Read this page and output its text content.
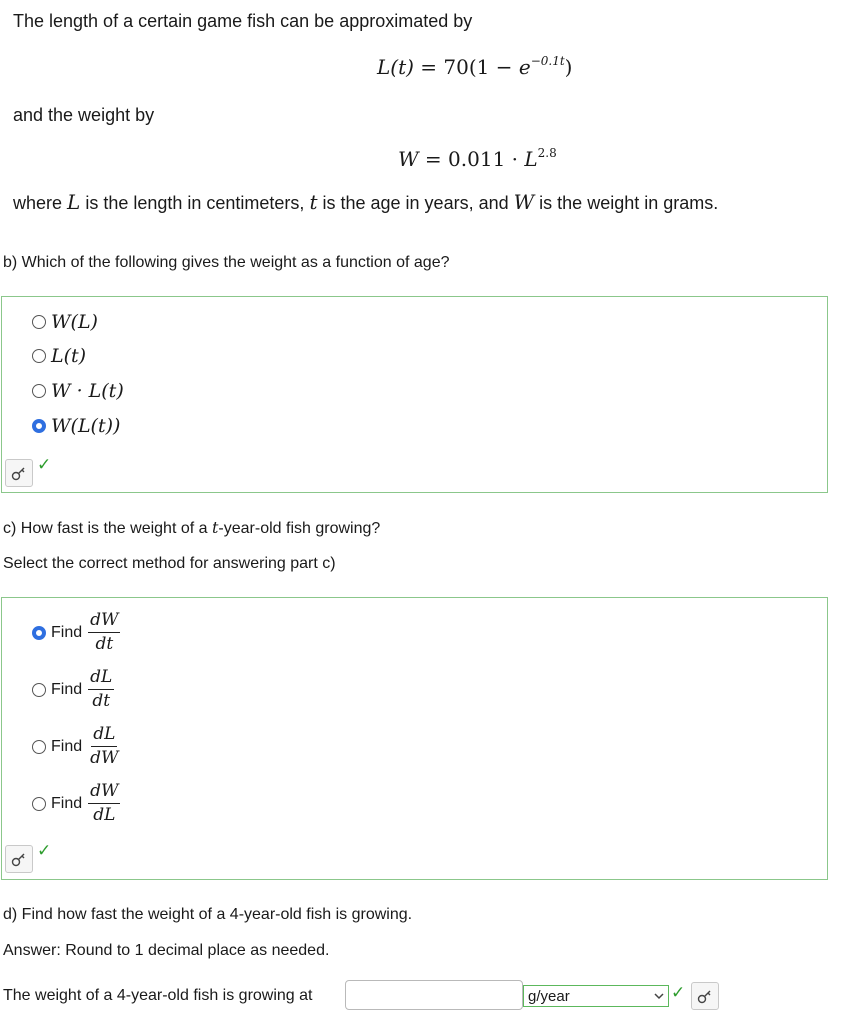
The length of a certain game fish can be approximated by
$L(t) = 70(1 - e^{-0.1t})$
and the weight by
$W = 0.011 \cdot L^{2.8}$
where L is the length in centimeters, t is the age in years, and W is the weight in grams.
b) Which of the following gives the weight as a function of age?
W(L)
L(t)
W · L(t)
W(L(t))
✓
c) How fast is the weight of a t-year-old fish growing?
Select the correct method for answering part c)
Find $\frac{dW}{dt}$
Find $\frac{dL}{dt}$
Find $\frac{dL}{dW}$
Find $\frac{dW}{dL}$
✓
d) Find how fast the weight of a 4-year-old fish is growing.
Answer: Round to 1 decimal place as needed.
The weight of a 4-year-old fish is growing at	g/year	✓
